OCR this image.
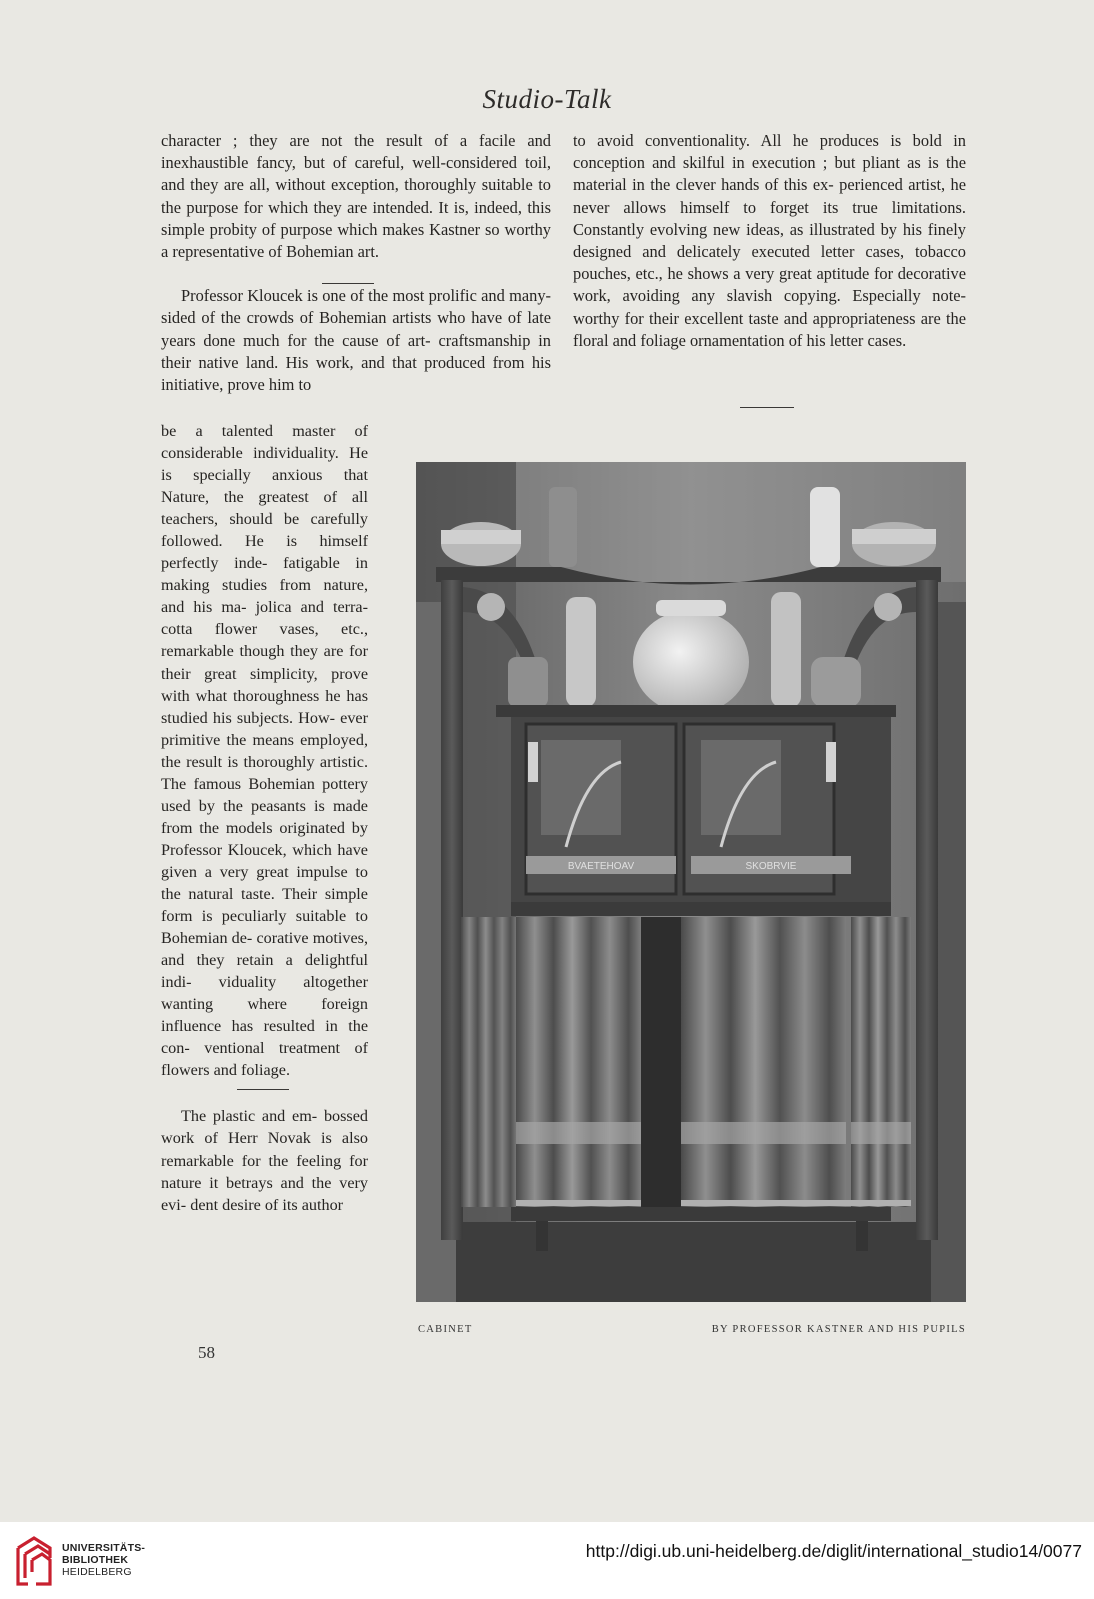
Studio-Talk

character ; they are not the result of a facile and inexhaustible fancy, but of careful, well-considered toil, and they are all, without exception, thoroughly suitable to the purpose for which they are intended. It is, indeed, this simple probity of purpose which makes Kastner so worthy a representative of Bohemian art.

Professor Kloucek is one of the most prolific and many-sided of the crowds of Bohemian artists who have of late years done much for the cause of art- craftsmanship in their native land. His work, and that produced from his initiative, prove him to

be a talented master of considerable individuality. He is specially anxious that Nature, the greatest of all teachers, should be carefully followed. He is himself perfectly inde- fatigable in making studies from nature, and his ma- jolica and terra-cotta flower vases, etc., remarkable though they are for their great simplicity, prove with what thoroughness he has studied his subjects. How- ever primitive the means employed, the result is thoroughly artistic. The famous Bohemian pottery used by the peasants is made from the models originated by Professor Kloucek, which have given a very great impulse to the natural taste. Their simple form is peculiarly suitable to Bohemian de- corative motives, and they retain a delightful indi- viduality altogether wanting where foreign influence has resulted in the con- ventional treatment of flowers and foliage.

The plastic and em- bossed work of Herr Novak is also remarkable for the feeling for nature it betrays and the very evi- dent desire of its author

to avoid conventionality. All he produces is bold in conception and skilful in execution ; but pliant as is the material in the clever hands of this ex- perienced artist, he never allows himself to forget its true limitations. Constantly evolving new ideas, as illustrated by his finely designed and delicately executed letter cases, tobacco pouches, etc., he shows a very great aptitude for decorative work, avoiding any slavish copying. Especially note- worthy for their excellent taste and appropriateness are the floral and foliage ornamentation of his letter cases.

BVAETEHOAV	SKOBRVIE
CABINET	BY PROFESSOR KASTNER AND HIS PUPILS
58
UNIVERSITÄTS-
BIBLIOTHEK
HEIDELBERG
http://digi.ub.uni-heidelberg.de/diglit/international_studio14/0077
